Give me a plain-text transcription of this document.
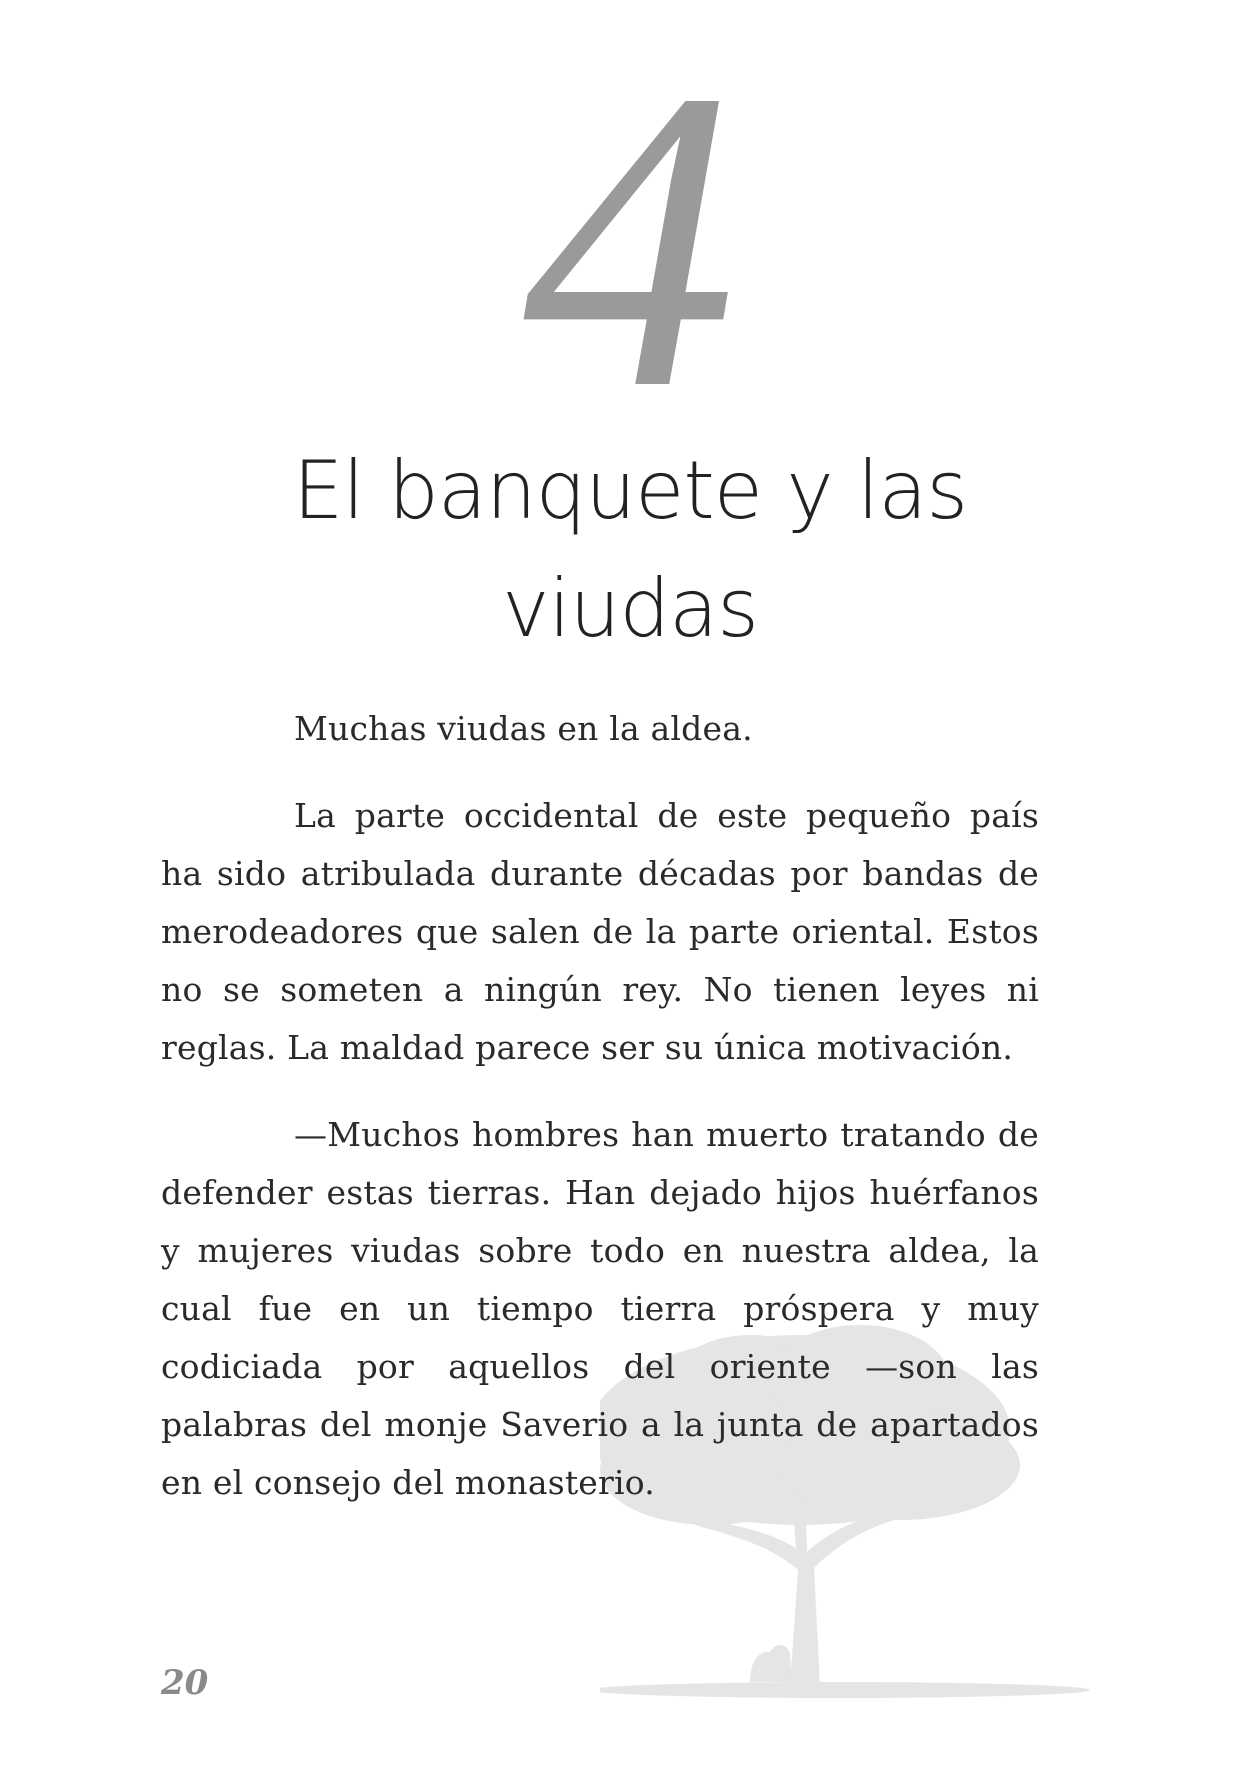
4
El banquete y las
viudas

Muchas viudas en la aldea.

La parte occidental de este pequeño país ha sido atribulada durante décadas por bandas de merodeadores que salen de la parte oriental. Estos no se someten a ningún rey. No tienen leyes ni reglas. La maldad parece ser su única motivación.

—Muchos hombres han muerto tratando de defender estas tierras. Han dejado hijos huérfanos y mujeres viudas sobre todo en nuestra aldea, la cual fue en un tiempo tierra próspera y muy codiciada por aquellos del oriente —son las palabras del monje Saverio a la junta de apartados en el consejo del monasterio.

20
